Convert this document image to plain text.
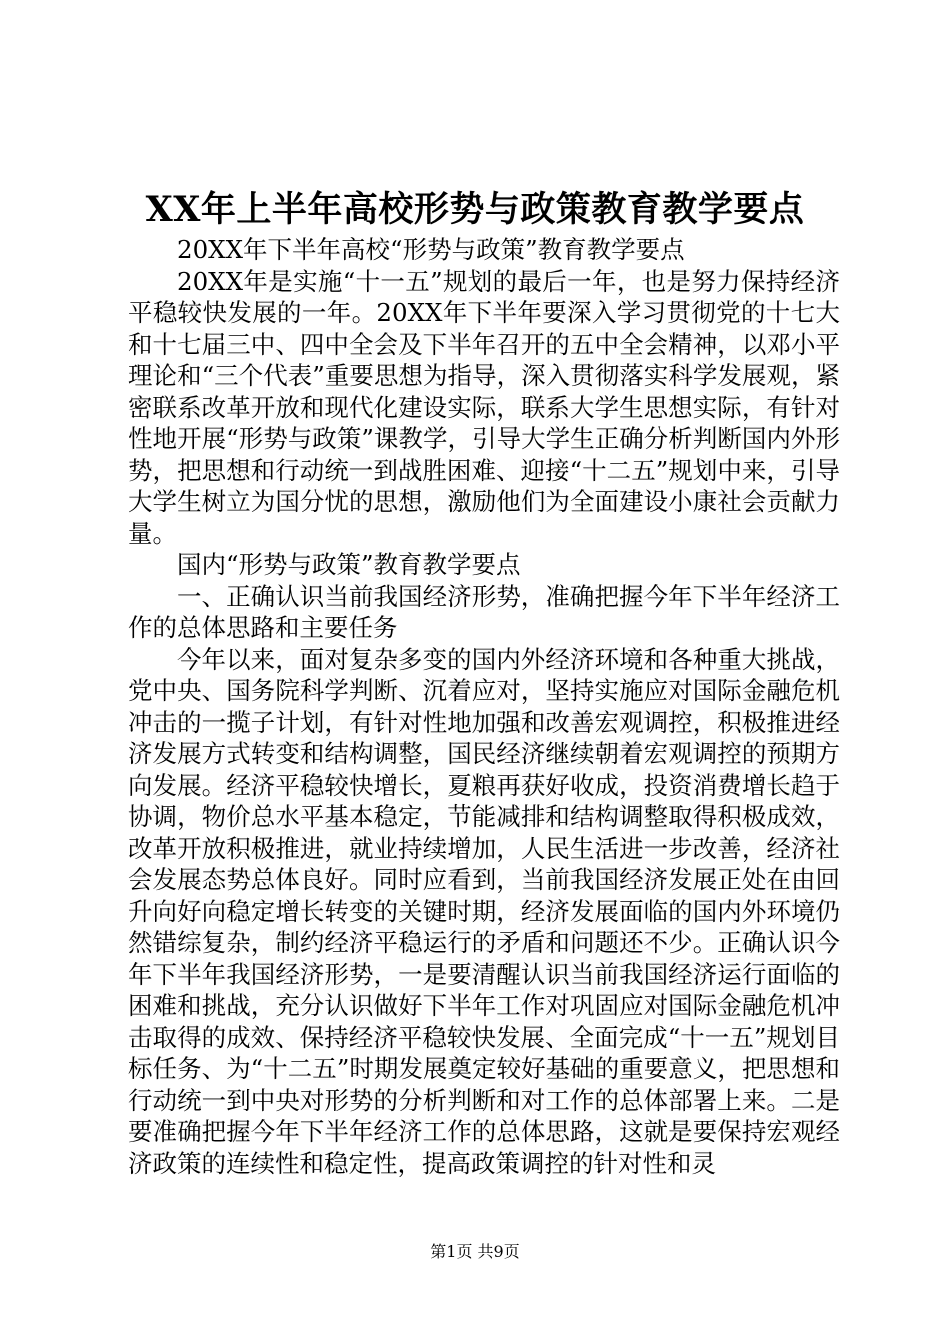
XX年上半年高校形势与政策教育教学要点

20XX年下半年高校“形势与政策”教育教学要点

20XX年是实施“十一五”规划的最后一年，也是努力保持经济平稳较快发展的一年。20XX年下半年要深入学习贯彻党的十七大和十七届三中、四中全会及下半年召开的五中全会精神，以邓小平理论和“三个代表”重要思想为指导，深入贯彻落实科学发展观，紧密联系改革开放和现代化建设实际，联系大学生思想实际，有针对性地开展“形势与政策”课教学，引导大学生正确分析判断国内外形势，把思想和行动统一到战胜困难、迎接“十二五”规划中来，引导大学生树立为国分忧的思想，激励他们为全面建设小康社会贡献力量。

国内“形势与政策”教育教学要点

一、正确认识当前我国经济形势，准确把握今年下半年经济工作的总体思路和主要任务

今年以来，面对复杂多变的国内外经济环境和各种重大挑战，党中央、国务院科学判断、沉着应对，坚持实施应对国际金融危机冲击的一揽子计划，有针对性地加强和改善宏观调控，积极推进经济发展方式转变和结构调整，国民经济继续朝着宏观调控的预期方向发展。经济平稳较快增长，夏粮再获好收成，投资消费增长趋于协调，物价总水平基本稳定，节能减排和结构调整取得积极成效，改革开放积极推进，就业持续增加，人民生活进一步改善，经济社会发展态势总体良好。同时应看到，当前我国经济发展正处在由回升向好向稳定增长转变的关键时期，经济发展面临的国内外环境仍然错综复杂，制约经济平稳运行的矛盾和问题还不少。正确认识今年下半年我国经济形势，一是要清醒认识当前我国经济运行面临的困难和挑战，充分认识做好下半年工作对巩固应对国际金融危机冲击取得的成效、保持经济平稳较快发展、全面完成“十一五”规划目标任务、为“十二五”时期发展奠定较好基础的重要意义，把思想和行动统一到中央对形势的分析判断和对工作的总体部署上来。二是要准确把握今年下半年经济工作的总体思路，这就是要保持宏观经济政策的连续性和稳定性，提高政策调控的针对性和灵

第1页 共9页
